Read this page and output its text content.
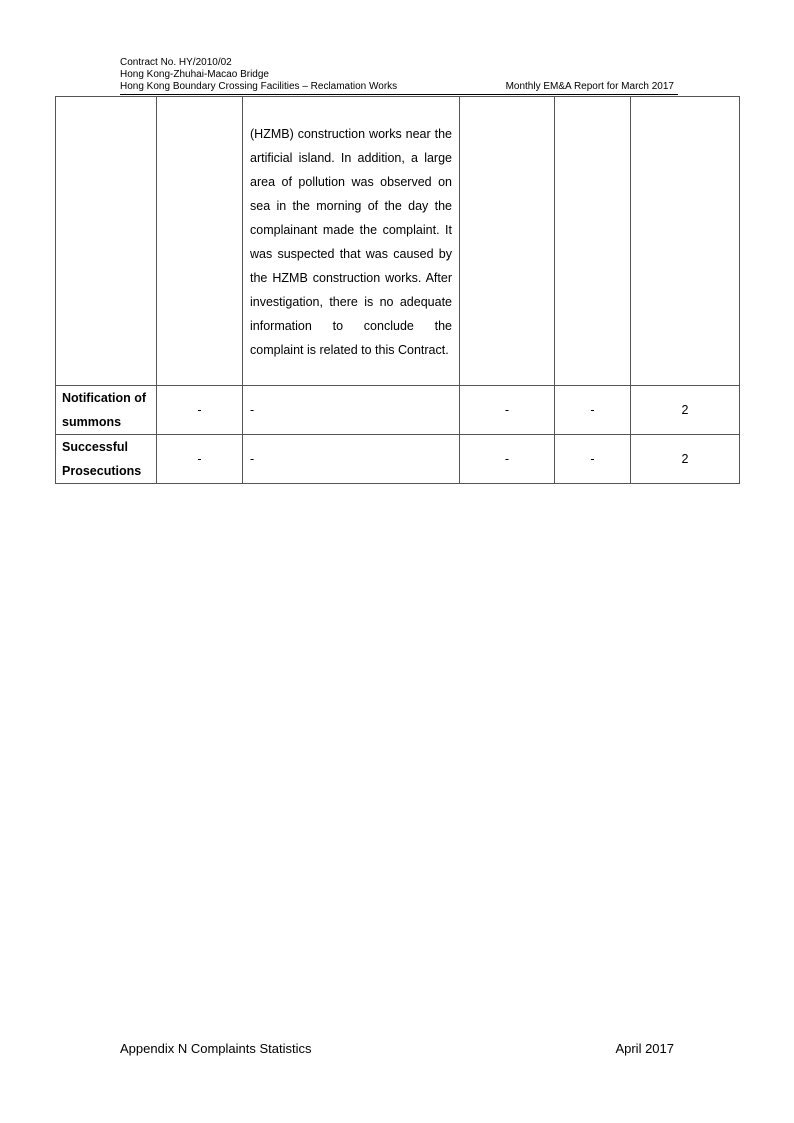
Contract No. HY/2010/02
Hong Kong-Zhuhai-Macao Bridge
Hong Kong Boundary Crossing Facilities – Reclamation Works	Monthly EM&A Report for March 2017

		(HZMB) construction works near the artificial island. In addition, a large area of pollution was observed on sea in the morning of the day the complainant made the complaint. It was suspected that was caused by the HZMB construction works. After investigation, there is no adequate information to conclude the complaint is related to this Contract.			

Notification of summons	-	-	-	-	2
Successful Prosecutions	-	-	-	-	2
Appendix N Complaints Statistics	April 2017
